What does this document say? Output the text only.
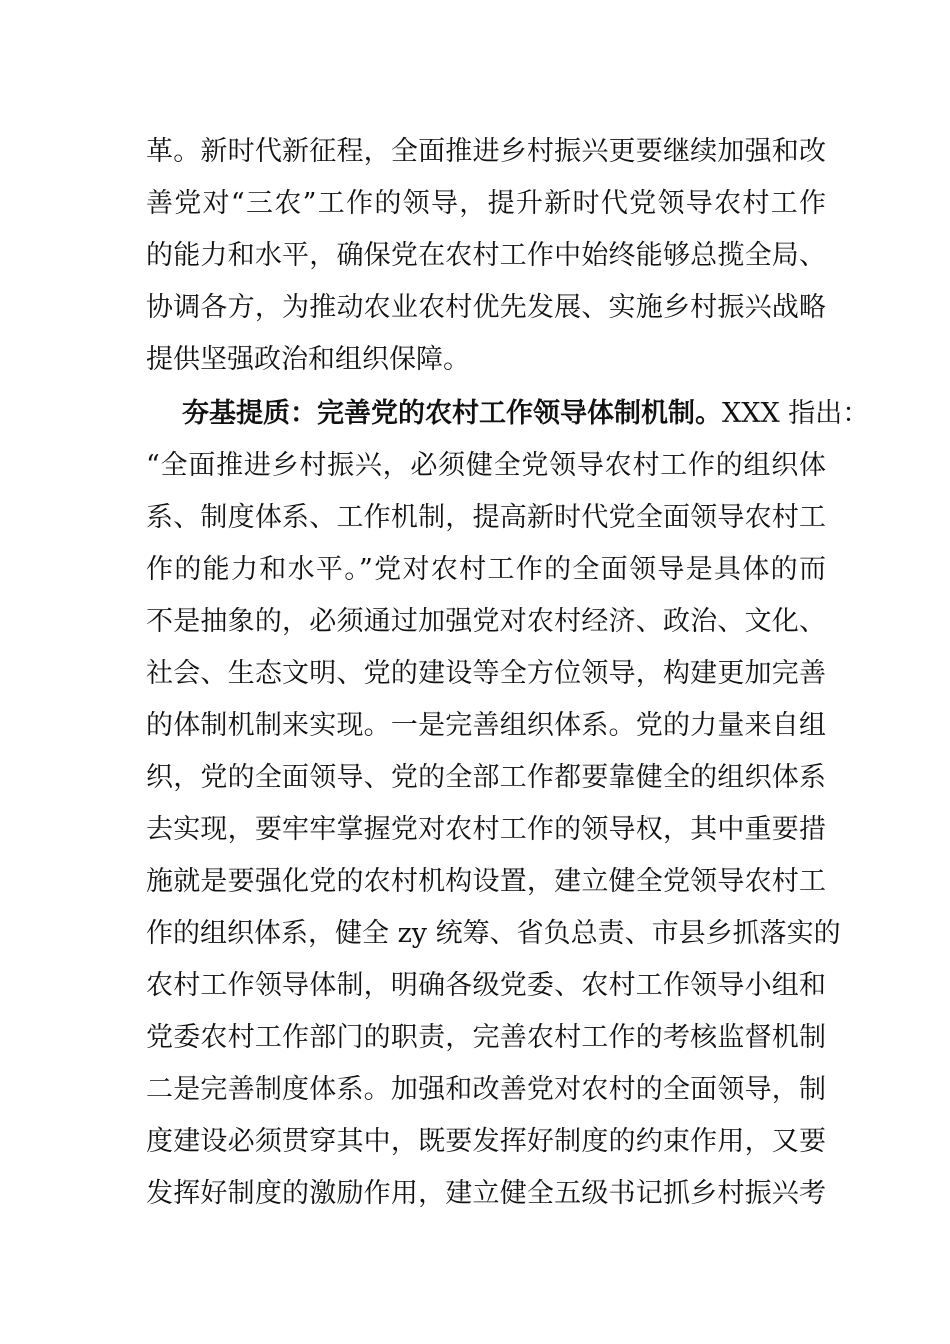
革。新时代新征程，全面推进乡村振兴更要继续加强和改
善党对“三农”工作的领导，提升新时代党领导农村工作
的能力和水平，确保党在农村工作中始终能够总揽全局、
协调各方，为推动农业农村优先发展、实施乡村振兴战略
提供坚强政治和组织保障。
夯基提质：完善党的农村工作领导体制机制。XXX 指出：
“全面推进乡村振兴，必须健全党领导农村工作的组织体
系、制度体系、工作机制，提高新时代党全面领导农村工
作的能力和水平。”党对农村工作的全面领导是具体的而
不是抽象的，必须通过加强党对农村经济、政治、文化、
社会、生态文明、党的建设等全方位领导，构建更加完善
的体制机制来实现。一是完善组织体系。党的力量来自组
织，党的全面领导、党的全部工作都要靠健全的组织体系
去实现，要牢牢掌握党对农村工作的领导权，其中重要措
施就是要强化党的农村机构设置，建立健全党领导农村工
作的组织体系，健全 zy 统筹、省负总责、市县乡抓落实的
农村工作领导体制，明确各级党委、农村工作领导小组和
党委农村工作部门的职责，完善农村工作的考核监督机制
二是完善制度体系。加强和改善党对农村的全面领导，制
度建设必须贯穿其中，既要发挥好制度的约束作用，又要
发挥好制度的激励作用，建立健全五级书记抓乡村振兴考
